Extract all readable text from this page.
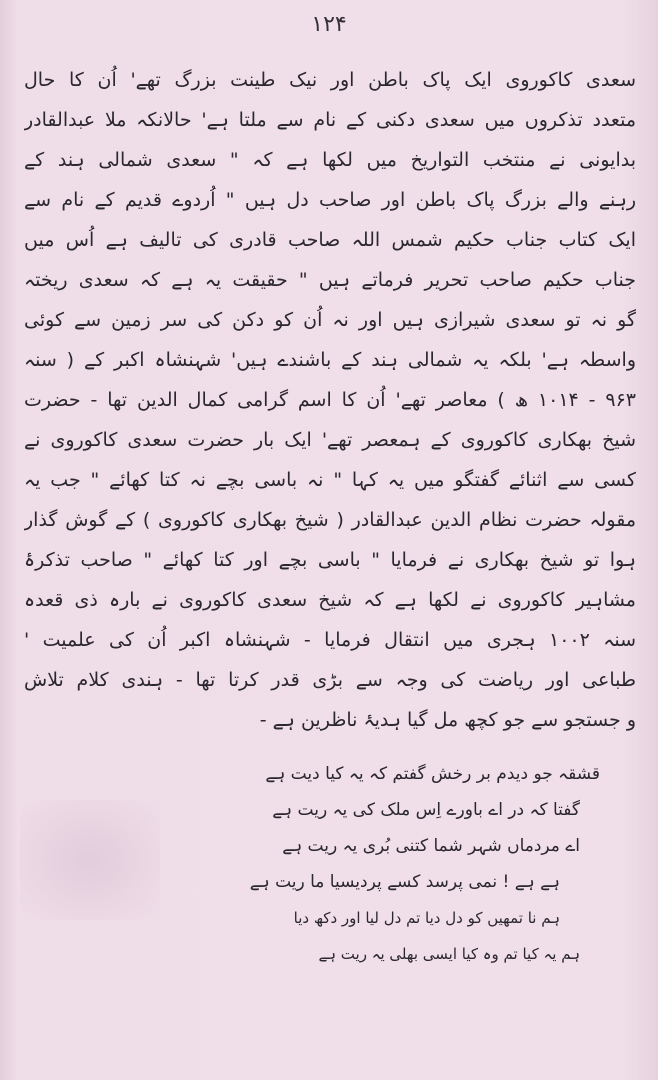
۱۲۴
سعدی کاکوروی ایک پاک باطن اور نیک طینت بزرگ تھے' اُن کا حال
متعدد تذکروں میں سعدی دکنی کے نام سے ملتا ہے' حالانکہ ملا عبدالقادر
بدایونی نے منتخب التواریخ میں لکھا ہے کہ " سعدی شمالی ہند کے
رہنے والے بزرگ پاک باطن اور صاحب دل ہیں " اُردوے قدیم کے نام سے
ایک کتاب جناب حکیم شمس اللہ صاحب قادری کی تالیف ہے اُس میں
جناب حکیم صاحب تحریر فرماتے ہیں " حقیقت یہ ہے کہ سعدی ریختہ
گو نہ تو سعدی شیرازی ہیں اور نہ اُن کو دکن کی سر زمین سے کوئی
واسطہ ہے' بلکہ یہ شمالی ہند کے باشندے ہیں' شہنشاہ اکبر کے ( سنہ
۹۶۳ - ۱۰۱۴ ھ ) معاصر تھے' اُن کا اسم گرامی کمال الدین تھا - حضرت
شیخ بھکاری کاکوروی کے ہمعصر تھے' ایک بار حضرت سعدی کاکوروی نے
کسی سے اثنائے گفتگو میں یہ کہا " نہ باسی بچے نہ کتا کھائے " جب یہ
مقولہ حضرت نظام الدین عبدالقادر ( شیخ بھکاری کاکوروی ) کے گوش گذار
ہوا تو شیخ بھکاری نے فرمایا " باسی بچے اور کتا کھائے " صاحب تذکرۂ
مشاہیر کاکوروی نے لکھا ہے کہ شیخ سعدی کاکوروی نے بارہ ذی قعدہ
سنہ ۱۰۰۲ ہجری میں انتقال فرمایا - شہنشاہ اکبر اُن کی علمیت '
طباعی اور ریاضت کی وجہ سے بڑی قدر کرتا تھا - ہندی کلام تلاش
و جستجو سے جو کچھ مل گیا ہدیۂ ناظرین ہے -
قشقہ جو دیدم بر رخش گفتم کہ یہ کیا دیت ہے
گفتا کہ در اے باورے اِس ملک کی یہ ریت ہے
اے مردماں شہر شما کتنی بُری یہ ریت ہے
ہے ہے ! نمی پرسد کسے پردیسیا ما ریت ہے
ہم نا تمھیں کو دل دیا تم دل لیا اور دکھ دیا
ہم یہ کیا تم وہ کیا ایسی بھلی یہ ریت ہے
